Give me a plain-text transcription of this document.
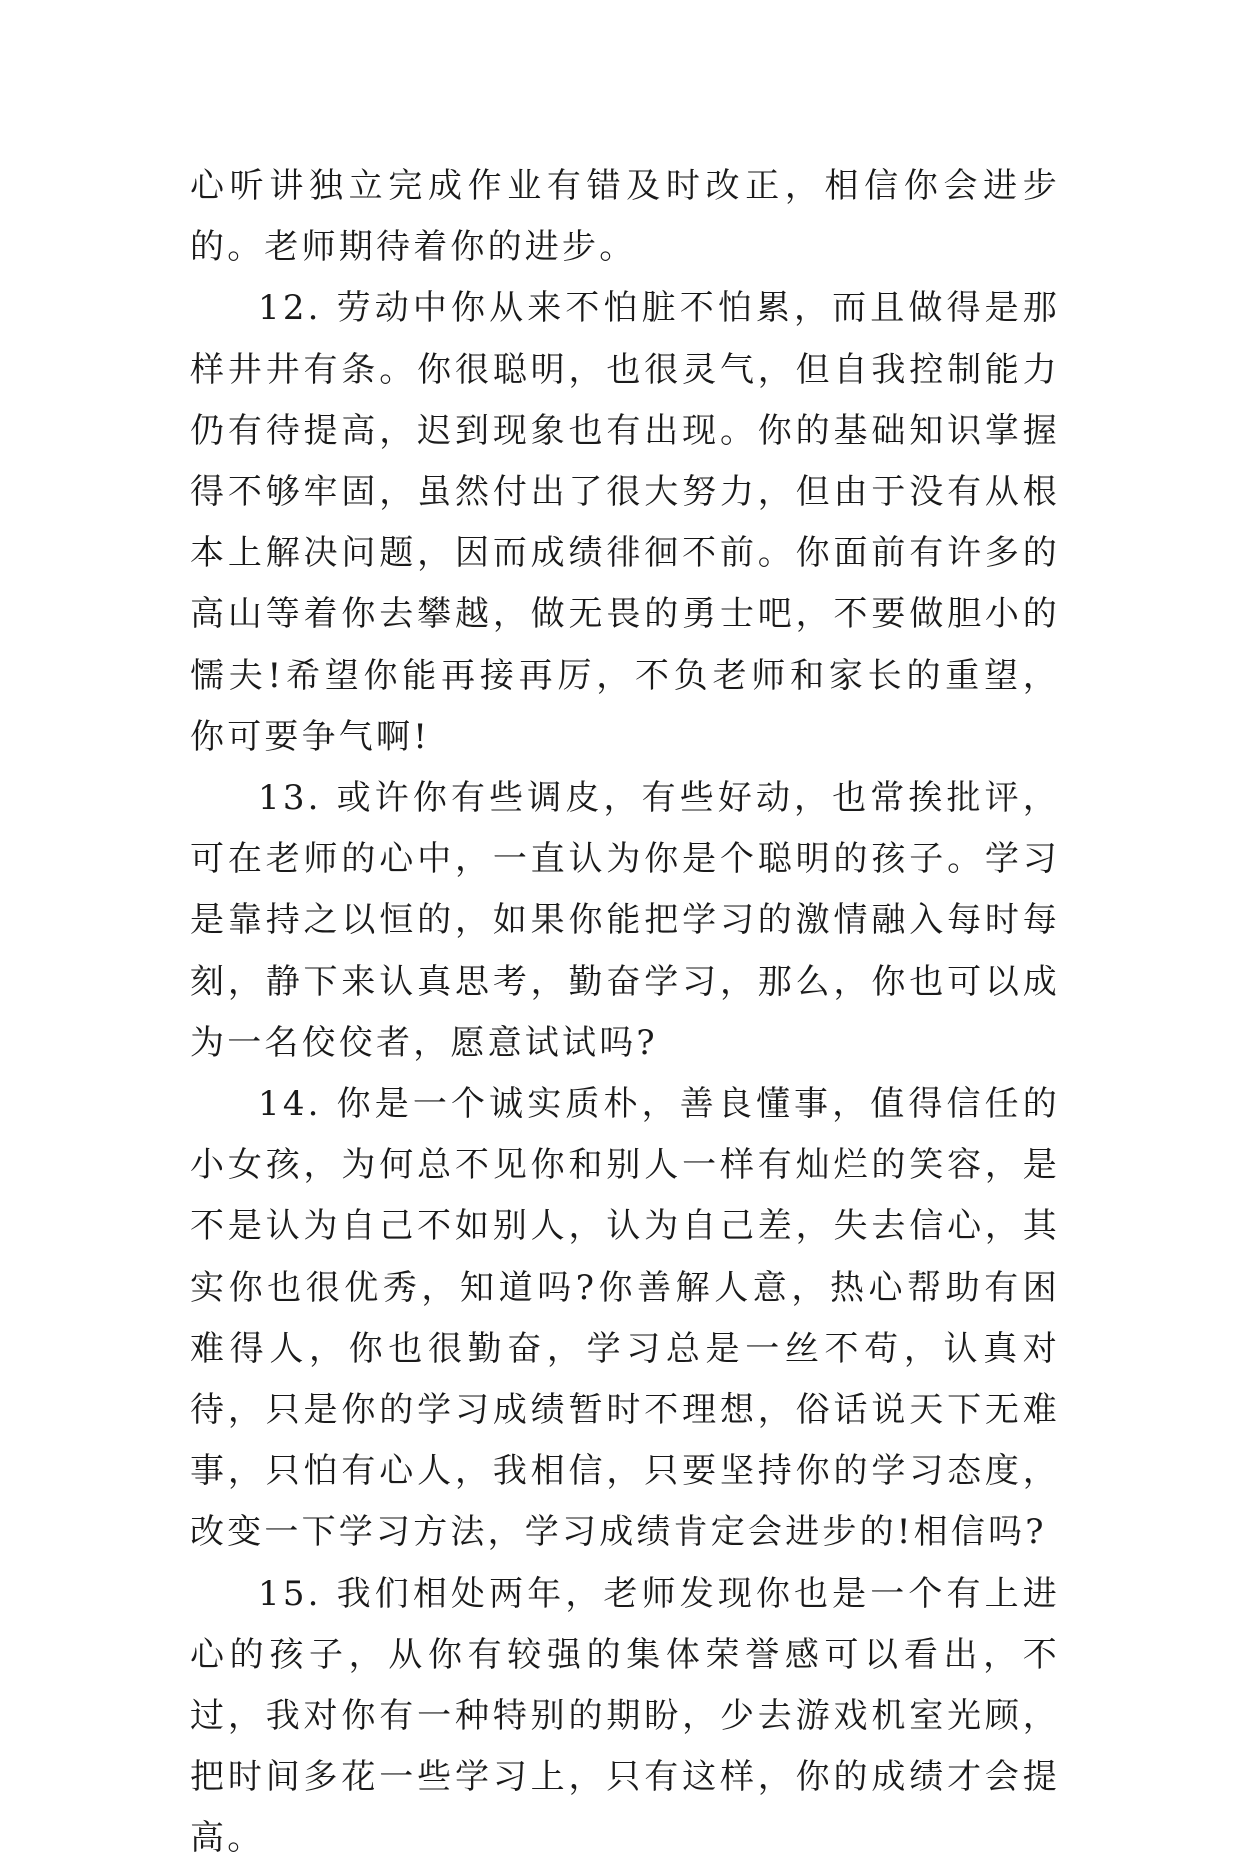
心听讲独立完成作业有错及时改正，相信你会进步的。老师期待着你的进步。

12. 劳动中你从来不怕脏不怕累，而且做得是那样井井有条。你很聪明，也很灵气，但自我控制能力仍有待提高，迟到现象也有出现。你的基础知识掌握得不够牢固，虽然付出了很大努力，但由于没有从根本上解决问题，因而成绩徘徊不前。你面前有许多的高山等着你去攀越，做无畏的勇士吧，不要做胆小的懦夫!希望你能再接再厉，不负老师和家长的重望，你可要争气啊!

13. 或许你有些调皮，有些好动，也常挨批评，可在老师的心中，一直认为你是个聪明的孩子。学习是靠持之以恒的，如果你能把学习的激情融入每时每刻，静下来认真思考，勤奋学习，那么，你也可以成为一名佼佼者，愿意试试吗?

14. 你是一个诚实质朴，善良懂事，值得信任的小女孩，为何总不见你和别人一样有灿烂的笑容，是不是认为自己不如别人，认为自己差，失去信心，其实你也很优秀，知道吗?你善解人意，热心帮助有困难得人，你也很勤奋，学习总是一丝不苟，认真对待，只是你的学习成绩暂时不理想，俗话说天下无难事，只怕有心人，我相信，只要坚持你的学习态度，改变一下学习方法，学习成绩肯定会进步的!相信吗?

15. 我们相处两年，老师发现你也是一个有上进心的孩子，从你有较强的集体荣誉感可以看出，不过，我对你有一种特别的期盼，少去游戏机室光顾，把时间多花一些学习上，只有这样，你的成绩才会提高。
